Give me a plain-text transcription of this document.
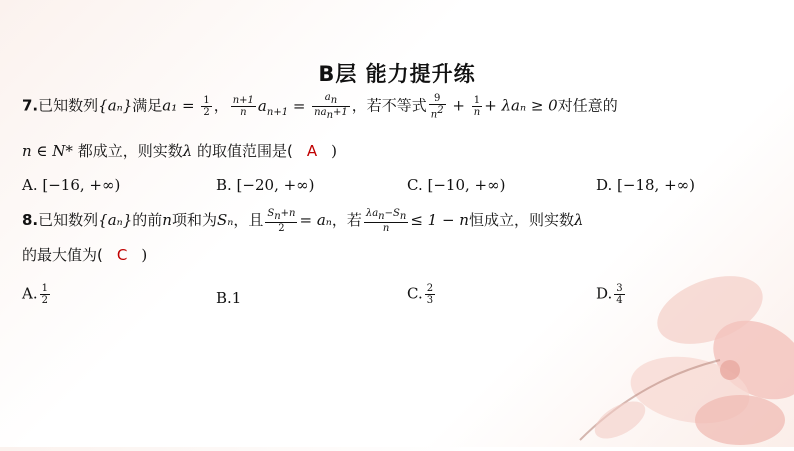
B层 能力提升练
7.已知数列{aₙ}满足$a_1 = \frac{1}{2}$ ， $\frac{n+1}{n} a_{n+1} = \frac{a_n}{na_n+1}$ ，若不等式 $\frac{9}{n^2} + \frac{1}{n} + \lambda a_n \ge 0$对任意的
n ∈ N* 都成立，则实数λ 的取值范围是( A )
A. [−16, +∞)	B. [−20, +∞)	C. [−10, +∞)	D. [−18, +∞)
8.已知数列{aₙ}的前n项和为Sₙ，且 $\frac{S_n+n}{2} = a_n$，若 $\frac{\lambda a_n-S_n}{n} \le 1 - n$恒成立，则实数λ
的最大值为( C )
A. $\frac{1}{2}$	B.1	C. $\frac{2}{3}$	D. $\frac{3}{4}$
